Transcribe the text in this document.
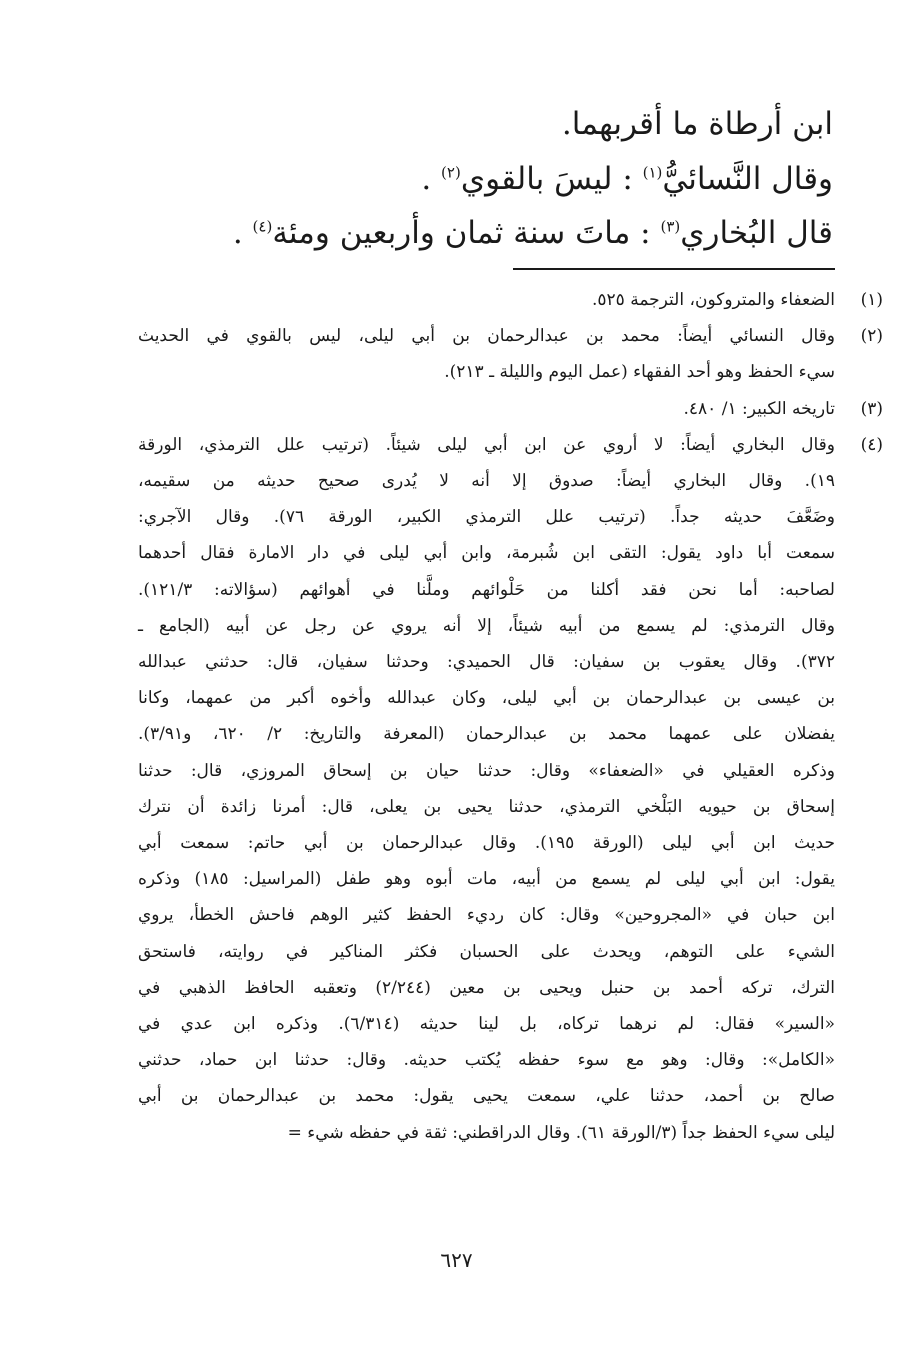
ابن أرطاة ما أقربهما.
وقال النَّسائيُّ$^{(١)}$ : ليسَ بالقوي$^{(٢)}$ .
قال البُخاري$^{(٣)}$ : ماتَ سنة ثمان وأربعين ومئة$^{(٤)}$ .
(١)

الضعفاء والمتروكون، الترجمة ٥٢٥.

(٢)

وقال النسائي أيضاً: محمد بن عبدالرحمان بن أبي ليلى، ليس بالقوي في الحديث

سيء الحفظ وهو أحد الفقهاء (عمل اليوم والليلة ـ ٢١٣).

(٣)

تاريخه الكبير: ١/ ٤٨٠.

(٤)

وقال البخاري أيضاً: لا أروي عن ابن أبي ليلى شيئاً. (ترتيب علل الترمذي، الورقة

١٩). وقال البخاري أيضاً: صدوق إلا أنه لا يُدرى صحيح حديثه من سقيمه،

وضَعَّفَ حديثه جداً. (ترتيب علل الترمذي الكبير، الورقة ٧٦). وقال الآجري:

سمعت أبا داود يقول: التقى ابن شُبرمة، وابن أبي ليلى في دار الامارة فقال أحدهما

لصاحبه: أما نحن فقد أكلنا من حَلْوائهم وملَّنا في أهوائهم (سؤالاته: ١٢١/٣).

وقال الترمذي: لم يسمع من أبيه شيئاً، إلا أنه يروي عن رجل عن أبيه (الجامع ـ

٣٧٢). وقال يعقوب بن سفيان: قال الحميدي: وحدثنا سفيان، قال: حدثني عبدالله

بن عيسى بن عبدالرحمان بن أبي ليلى، وكان عبدالله وأخوه أكبر من عمهما، وكانا

يفضلان على عمهما محمد بن عبدالرحمان (المعرفة والتاريخ: ٢/ ٦٢٠، و٣/٩١).

وذكره العقيلي في «الضعفاء» وقال: حدثنا حيان بن إسحاق المروزي، قال: حدثنا

إسحاق بن حيويه البَلْخي الترمذي، حدثنا يحيى بن يعلى، قال: أمرنا زائدة أن نترك

حديث ابن أبي ليلى (الورقة ١٩٥). وقال عبدالرحمان بن أبي حاتم: سمعت أبي

يقول: ابن أبي ليلى لم يسمع من أبيه، مات أبوه وهو طفل (المراسيل: ١٨٥) وذكره

ابن حبان في «المجروحين» وقال: كان رديء الحفظ كثير الوهم فاحش الخطأ، يروي

الشيء على التوهم، ويحدث على الحسبان فكثر المناكير في روايته، فاستحق

الترك، تركه أحمد بن حنبل ويحيى بن معين (٢/٢٤٤) وتعقبه الحافظ الذهبي في

«السير» فقال: لم نرهما تركاه، بل لينا حديثه (٦/٣١٤). وذكره ابن عدي في

«الكامل»: وقال: وهو مع سوء حفظه يُكتب حديثه. وقال: حدثنا ابن حماد، حدثني

صالح بن أحمد، حدثنا علي، سمعت يحيى يقول: محمد بن عبدالرحمان بن أبي

ليلى سيء الحفظ جداً (٣/الورقة ٦١). وقال الدراقطني: ثقة في حفظه شيء =

٦٢٧
